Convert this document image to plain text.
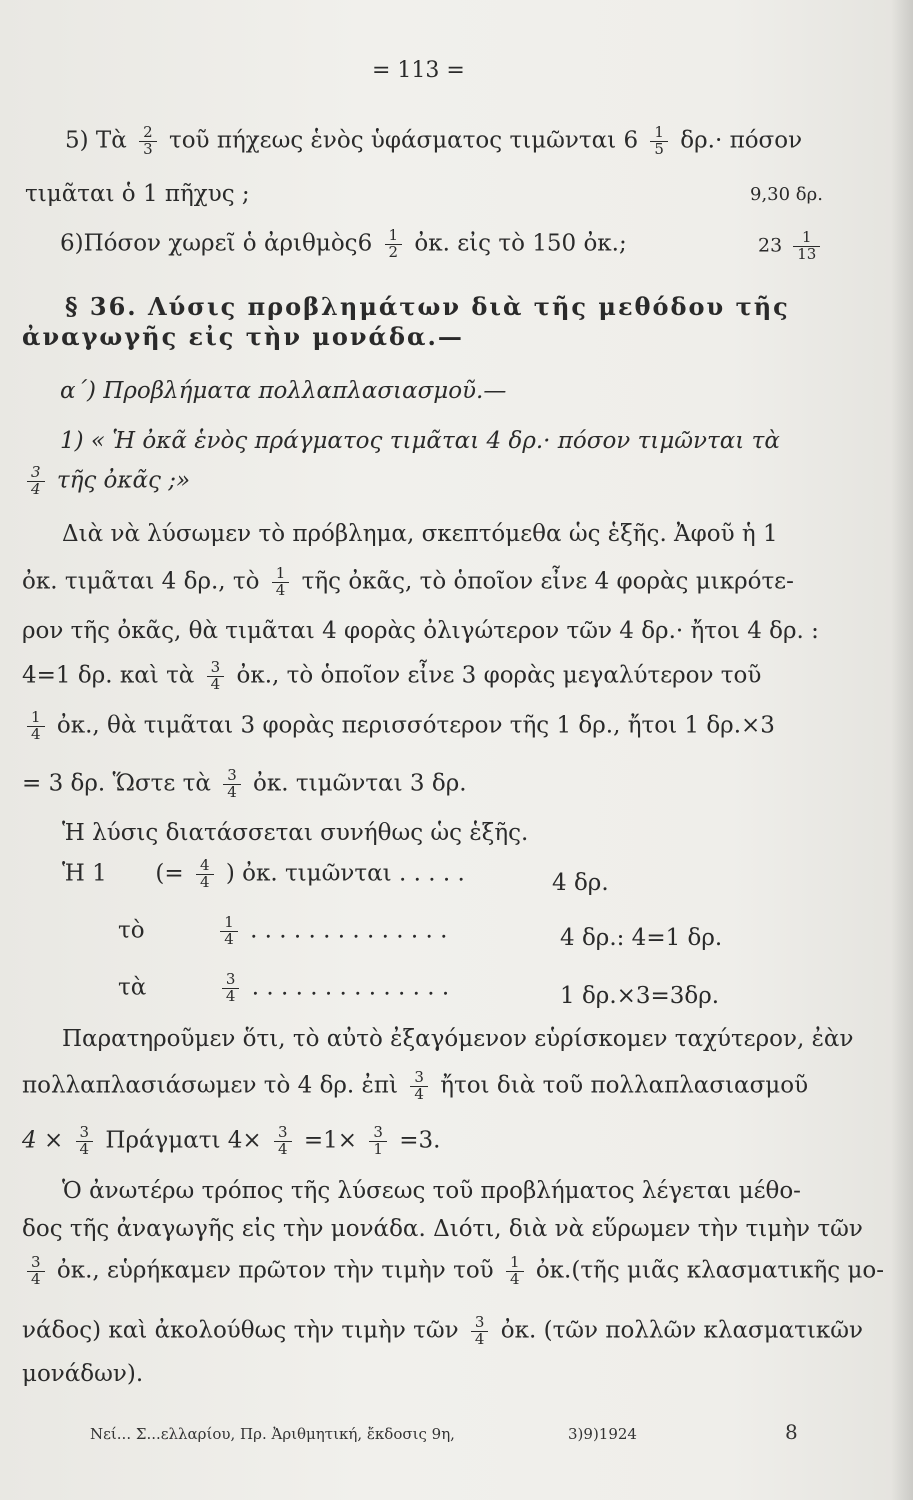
= 113 =
5) Τὰ $\frac{2}{3}$ τοῦ πήχεως ἑνὸς ὑφάσματος τιμῶνται $6 \frac{1}{5} \delta\rho.\cdot \pi ό\sigma o\nu$
τιμᾶται ὁ 1 πῆχυς ;	9,30 δρ.
6)Πόσον χωρεῖ ὁ ἀριθμὸς6 $\frac{1}{2}$ ὀκ. εἰς τὸ 150 ὀκ.;	$23 \frac{1}{13}$
§ 36. Λύσις προβλημάτων διὰ τῆς μεθόδου τῆς
ἀναγωγῆς εἰς τὴν μονάδα.—
α΄) Προβλήματα πολλαπλασιασμοῦ.—
1) « Ἡ ὀκᾶ ἑνὸς πράγματος τιμᾶται 4 δρ.· πόσον τιμῶνται τὰ
$\frac{3}{4}$ τῆς ὀκᾶς ;»
Διὰ νὰ λύσωμεν τὸ πρόβλημα, σκεπτόμεθα ὡς ἑξῆς. Ἀφοῦ ἡ 1
ὀκ. τιμᾶται 4 δρ., τὸ $\frac{1}{4}$ τῆς ὀκᾶς, τὸ ὁποῖον εἶνε 4 φορὰς μικρότε-
ρον τῆς ὀκᾶς, θὰ τιμᾶται 4 φορὰς ὀλιγώτερον τῶν 4 δρ.· ἤτοι 4 δρ. :
4=1 δρ. καὶ τὰ $\frac{3}{4}$ ὀκ., τὸ ὁποῖον εἶνε 3 φορὰς μεγαλύτερον τοῦ
$\frac{1}{4}$ ὀκ., θὰ τιμᾶται 3 φορὰς περισσότερον τῆς 1 δρ., ἤτοι 1 δρ.×3
= 3 δρ. Ὥστε τὰ $\frac{3}{4}$ ὀκ. τιμῶνται 3 δρ.
Ἡ λύσις διατάσσεται συνήθως ὡς ἑξῆς.
Ἡ 1 (= $\frac{4}{4}$ ) ὀκ. τιμῶνται . . . . .	4 δρ.
τὸ	$\frac{1}{4}$ . . . . . . . . . . . . . .	4 δρ.: 4=1 δρ.
τὰ	$\frac{3}{4}$ . . . . . . . . . . . . . .	1 δρ.×3=3δρ.
Παρατηροῦμεν ὅτι, τὸ αὐτὸ ἐξαγόμενον εὑρίσκομεν ταχύτερον, ἐὰν
πολλαπλασιάσωμεν τὸ 4 δρ. ἐπὶ $\frac{3}{4}$ ἤτοι διὰ τοῦ πολλαπλασιασμοῦ
$4 \times \frac{3}{4}$ Πράγματι $4\times \frac{3}{4} =1\times \frac{3}{1} =3$.
Ὁ ἀνωτέρω τρόπος τῆς λύσεως τοῦ προβλήματος λέγεται μέθο-
δος τῆς ἀναγωγῆς εἰς τὴν μονάδα. Διότι, διὰ νὰ εὕρωμεν τὴν τιμὴν τῶν
$\frac{3}{4}$ ὀκ., εὑρήκαμεν πρῶτον τὴν τιμὴν τοῦ $\frac{1}{4}$ ὀκ.(τῆς μιᾶς κλασματικῆς μο-
νάδος) καὶ ἀκολούθως τὴν τιμὴν τῶν $\frac{3}{4}$ ὀκ. (τῶν πολλῶν κλασματικῶν
μονάδων).
Νεί... Σ...ελλαρίου, Πρ. Ἀριθμητική, ἔκδοσις 9η,	3)9)1924	8
